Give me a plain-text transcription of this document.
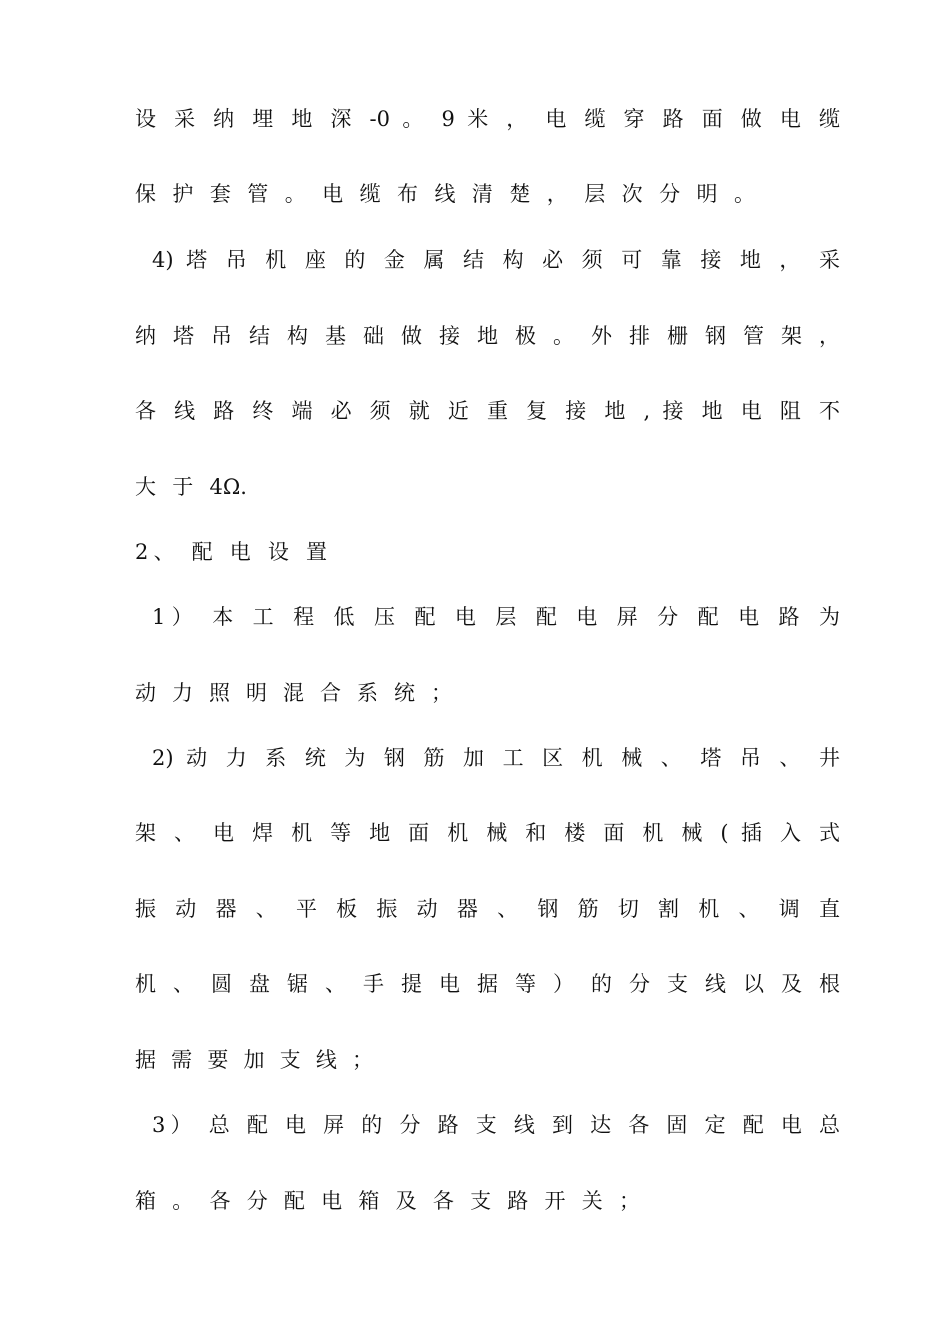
设 采 纳 埋 地 深 -0 。 9 米 ， 电 缆 穿 路 面 做 电 缆
保 护 套 管 。 电 缆 布 线 清 楚 ， 层 次 分 明 。
4) 塔 吊 机 座 的 金 属 结 构 必 须 可 靠 接 地 ， 采
纳 塔 吊 结 构 基 础 做 接 地 极 。 外 排 栅 钢 管 架 ，
各 线 路 终 端 必 须 就 近 重 复 接 地 , 接 地 电 阻 不
大 于 4Ω.
2、 配 电 设 置
1） 本 工 程 低 压 配 电 层 配 电 屏 分 配 电 路 为
动 力 照 明 混 合 系 统 ；
2) 动 力 系 统 为 钢 筋 加 工 区 机 械 、 塔 吊 、 井
架 、 电 焊 机 等 地 面 机 械 和 楼 面 机 械 ( 插 入 式
振 动 器 、 平 板 振 动 器 、 钢 筋 切 割 机 、 调 直
机 、 圆 盘 锯 、 手 提 电 据 等 ） 的 分 支 线 以 及 根
据 需 要 加 支 线 ；
3） 总 配 电 屏 的 分 路 支 线 到 达 各 固 定 配 电 总
箱 。 各 分 配 电 箱 及 各 支 路 开 关 ；
